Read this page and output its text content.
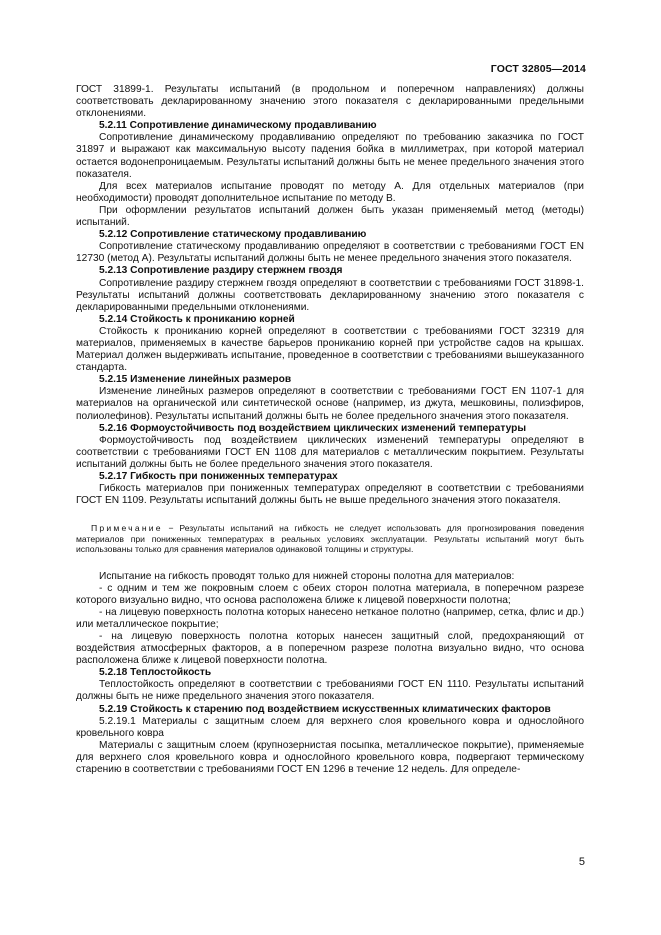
ГОСТ 32805—2014

ГОСТ 31899-1. Результаты испытаний (в продольном и поперечном направлениях) должны соответствовать декларированному значению этого показателя с декларированными предельными отклонениями.

5.2.11 Сопротивление динамическому продавливанию

Сопротивление динамическому продавливанию определяют по требованию заказчика по ГОСТ 31897 и выражают как максимальную высоту падения бойка в миллиметрах, при которой материал остается водонепроницаемым. Результаты испытаний должны быть не менее предельного значения этого показателя.

Для всех материалов испытание проводят по методу А. Для отдельных материалов (при необходимости) проводят дополнительное испытание по методу В.

При оформлении результатов испытаний должен быть указан применяемый метод (методы) испытаний.

5.2.12 Сопротивление статическому продавливанию

Сопротивление статическому продавливанию определяют в соответствии с требованиями ГОСТ EN 12730 (метод А). Результаты испытаний должны быть не менее предельного значения этого показателя.

5.2.13 Сопротивление раздиру стержнем гвоздя

Сопротивление раздиру стержнем гвоздя определяют в соответствии с требованиями ГОСТ 31898-1. Результаты испытаний должны соответствовать декларированному значению этого показателя с декларированными предельными отклонениями.

5.2.14 Стойкость к прониканию корней

Стойкость к прониканию корней определяют в соответствии с требованиями ГОСТ 32319 для материалов, применяемых в качестве барьеров прониканию корней при устройстве садов на крышах. Материал должен выдерживать испытание, проведенное в соответствии с требованиями вышеуказанного стандарта.

5.2.15 Изменение линейных размеров

Изменение линейных размеров определяют в соответствии с требованиями ГОСТ EN 1107-1 для материалов на органической или синтетической основе (например, из джута, мешковины, полиэфиров, полиолефинов). Результаты испытаний должны быть не более предельного значения этого показателя.

5.2.16 Формоустойчивость под воздействием циклических изменений температуры

Формоустойчивость под воздействием циклических изменений температуры определяют в соответствии с требованиями ГОСТ EN 1108 для материалов с металлическим покрытием. Результаты испытаний должны быть не более предельного значения этого показателя.

5.2.17 Гибкость при пониженных температурах

Гибкость материалов при пониженных температурах определяют в соответствии с требованиями ГОСТ EN 1109. Результаты испытаний должны быть не выше предельного значения этого показателя.

Примечание − Результаты испытаний на гибкость не следует использовать для прогнозирования поведения материалов при пониженных температурах в реальных условиях эксплуатации. Результаты испытаний могут быть использованы только для сравнения материалов одинаковой толщины и структуры.

Испытание на гибкость проводят только для нижней стороны полотна для материалов:

- с одним и тем же покровным слоем с обеих сторон полотна материала, в поперечном разрезе которого визуально видно, что основа расположена ближе к лицевой поверхности полотна;

- на лицевую поверхность полотна которых нанесено нетканое полотно (например, сетка, флис и др.) или металлическое покрытие;

- на лицевую поверхность полотна которых нанесен защитный слой, предохраняющий от воздействия атмосферных факторов, а в поперечном разрезе полотна визуально видно, что основа расположена ближе к лицевой поверхности полотна.

5.2.18 Теплостойкость

Теплостойкость определяют в соответствии с требованиями ГОСТ EN 1110. Результаты испытаний должны быть не ниже предельного значения этого показателя.

5.2.19 Стойкость к старению под воздействием искусственных климатических факторов

5.2.19.1 Материалы с защитным слоем для верхнего слоя кровельного ковра и однослойного кровельного ковра

Материалы с защитным слоем (крупнозернистая посыпка, металлическое покрытие), применяемые для верхнего слоя кровельного ковра и однослойного кровельного ковра, подвергают термическому старению в соответствии с требованиями ГОСТ EN 1296 в течение 12 недель. Для определе-

5
